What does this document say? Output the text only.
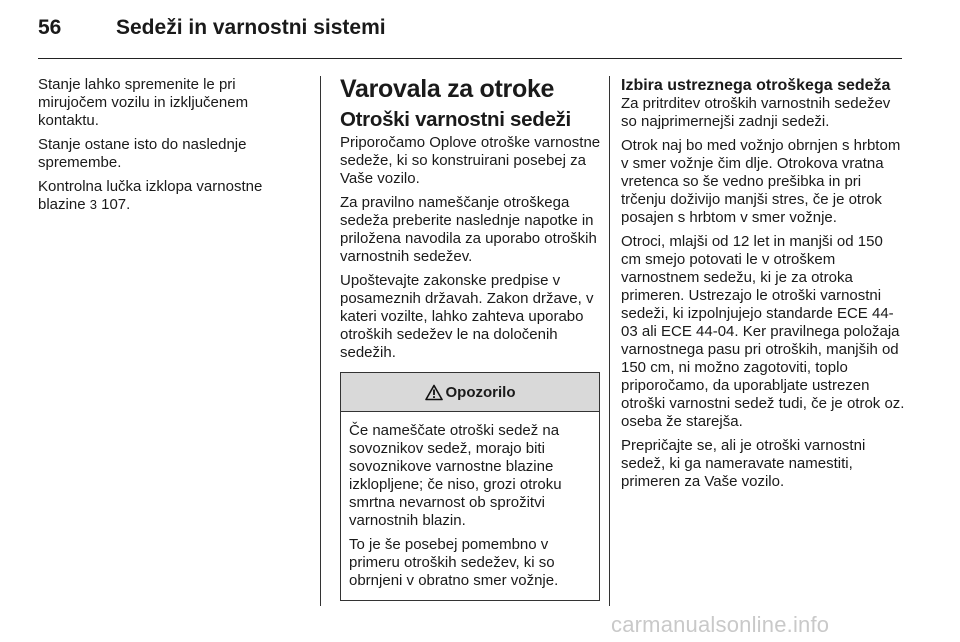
56	Sedeži in varnostni sistemi

Stanje lahko spremenite le pri mirujočem vozilu in izključenem kontaktu.

Stanje ostane isto do naslednje spremembe.

Kontrolna lučka izklopa varnostne blazine 3 107.

Varovala za otroke
Otroški varnostni sedeži

Priporočamo Oplove otroške varnostne sedeže, ki so konstruirani posebej za Vaše vozilo.

Za pravilno nameščanje otroškega sedeža preberite naslednje napotke in priložena navodila za uporabo otroških varnostnih sedežev.

Upoštevajte zakonske predpise v posameznih državah. Zakon države, v kateri vozilte, lahko zahteva uporabo otroških sedežev le na določenih sedežih.

Opozorilo

Če nameščate otroški sedež na sovoznikov sedež, morajo biti sovoznikove varnostne blazine izklopljene; če niso, grozi otroku smrtna nevarnost ob sprožitvi varnostnih blazin.

To je še posebej pomembno v primeru otroških sedežev, ki so obrnjeni v obratno smer vožnje.

Izbira ustreznega otroškega sedeža

Za pritrditev otroških varnostnih sedežev so najprimernejši zadnji sedeži.

Otrok naj bo med vožnjo obrnjen s hrbtom v smer vožnje čim dlje. Otrokova vratna vretenca so še vedno prešibka in pri trčenju doživijo manjši stres, če je otrok posajen s hrbtom v smer vožnje.

Otroci, mlajši od 12 let in manjši od 150 cm smejo potovati le v otroškem varnostnem sedežu, ki je za otroka primeren. Ustrezajo le otroški varnostni sedeži, ki izpolnjujejo standarde ECE 44-03 ali ECE 44-04. Ker pravilnega položaja varnostnega pasu pri otroških, manjših od 150 cm, ni možno zagotoviti, toplo priporočamo, da uporabljate ustrezen otroški varnostni sedež tudi, če je otrok oz. oseba že starejša.

Prepričajte se, ali je otroški varnostni sedež, ki ga nameravate namestiti, primeren za Vaše vozilo.

carmanualsonline.info
